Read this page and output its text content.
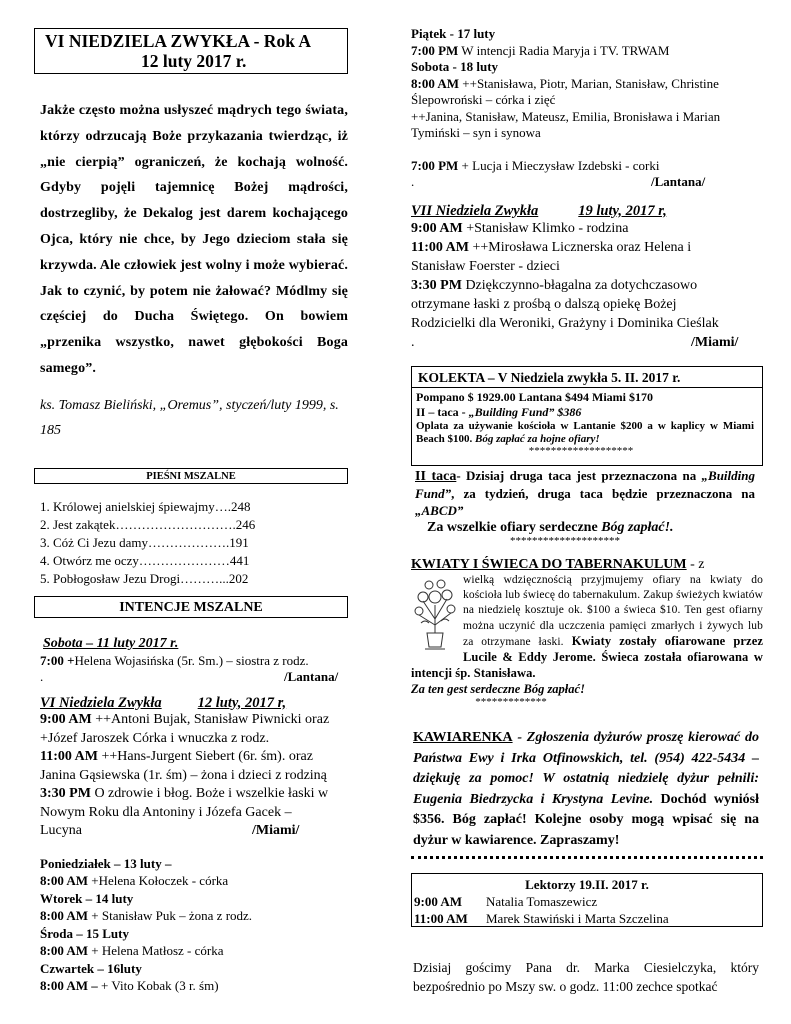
VI NIEDZIELA ZWYKŁA - Rok A
12 luty 2017 r.
Jakże często można usłyszeć mądrych tego świata, którzy odrzucają Boże przykazania twierdząc, iż „nie cierpią” ograniczeń, że kochają wolność. Gdyby pojęli tajemnicę Bożej mądrości, dostrzegliby, że Dekalog jest darem kochającego Ojca, który nie chce, by Jego dzieciom stała się krzywda. Ale człowiek jest wolny i może wybierać. Jak to czynić, by potem nie żałować? Módlmy się częściej do Ducha Świętego. On bowiem „przenika wszystko, nawet głębokości Boga samego”.
ks. Tomasz Bieliński, „Oremus”, styczeń/luty 1999, s. 185
PIEŚNI MSZALNE
1. Królowej anielskiej śpiewajmy….248
2. Jest zakątek……………………….246
3. Cóż Ci Jezu damy……………….191
4. Otwórz me oczy…………………441
5. Pobłogosław Jezu Drogi………...202
INTENCJE MSZALNE
Sobota – 11 luty 2017 r.
7:00 +Helena Wojasińska (5r. Sm.) – siostra z rodz.
.	/Lantana/
VI Niedziela Zwykła 12 luty, 2017 r,
9:00 AM ++Antoni Bujak, Stanisław Piwnicki oraz
+Józef Jaroszek Córka i wnuczka z rodz.
11:00 AM ++Hans-Jurgent Siebert (6r. śm). oraz
Janina Gąsiewska (1r. śm) – żona i dzieci z rodziną
3:30 PM O zdrowie i błog. Boże i wszelkie łaski w
Nowym Roku dla Antoniny i Józefa Gacek –
Lucyna	/Miami/
Poniedziałek – 13 luty –
8:00 AM +Helena Kołoczek - córka
Wtorek – 14 luty
8:00 AM + Stanisław Puk – żona z rodz.
Środa – 15 Luty
8:00 AM + Helena Matłosz - córka
Czwartek – 16luty
8:00 AM – + Vito Kobak (3 r. śm)
Piątek - 17 luty
7:00 PM W intencji Radia Maryja i TV. TRWAM
Sobota - 18 luty
8:00 AM ++Stanisława, Piotr, Marian, Stanisław, Christine
Ślepowroński – córka i zięć
++Janina, Stanisław, Mateusz, Emilia, Bronisława i Marian
Tymiński – syn i synowa
7:00 PM + Lucja i Mieczysław Izdebski - corki
.	/Lantana/
VII Niedziela Zwykła	19 luty, 2017 r,
9:00 AM +Stanisław Klimko - rodzina
11:00 AM ++Mirosława Licznerska oraz Helena i
Stanisław Foerster - dzieci
3:30 PM Dziękczynno-błagalna za dotychczasowo
otrzymane łaski z prośbą o dalszą opiekę Bożej
Rodzicielki dla Weroniki, Grażyny i Dominika Cieślak
.	/Miami/
KOLEKTA – V Niedziela zwykła 5. II. 2017 r.
Pompano $ 1929.00 Lantana $494 Miami $170
II – taca - „Building Fund” $386
Oplata za używanie kościoła w Lantanie $200 a w kaplicy w Miami Beach $100. Bóg zapłać za hojne ofiary!
*******************
II taca- Dzisiaj druga taca jest przeznaczona na „Building Fund”, za tydzień, druga taca będzie przeznaczona na „ABCD”
Za wszelkie ofiary serdeczne Bóg zapłać!.
********************
KWIATY I ŚWIECA DO TABERNAKULUM - z
wielką wdzięcznością przyjmujemy ofiary na kwiaty do kościoła lub świecę do tabernakulum. Zakup świeżych kwiatów na niedzielę kosztuje ok. $100 a świeca $10. Ten gest ofiarny można uczynić dla uczczenia pamięci zmarłych i żywych lub za otrzymane łaski. Kwiaty zostały ofiarowane przez Lucile & Eddy Jerome. Świeca została ofiarowana w intencji śp. Stanisława.
Za ten gest serdeczne Bóg zapłać!
*************
KAWIARENKA - Zgłoszenia dyżurów proszę kierować do Państwa Ewy i Irka Otfinowskich, tel. (954) 422-5434 – dziękuję za pomoc! W ostatnią niedzielę dyżur pełnili: Eugenia Biedrzycka i Krystyna Levine. Dochód wyniósł $356. Bóg zapłać! Kolejne osoby mogą wpisać się na dyżur w kawiarence. Zapraszamy!
Lektorzy 19.II. 2017 r.
9:00 AM Natalia Tomaszewicz
11:00 AM Marek Stawiński i Marta Szczelina
Dzisiaj gościmy Pana dr. Marka Ciesielczyka, który bezpośrednio po Mszy sw. o godz. 11:00 zechce spotkać
